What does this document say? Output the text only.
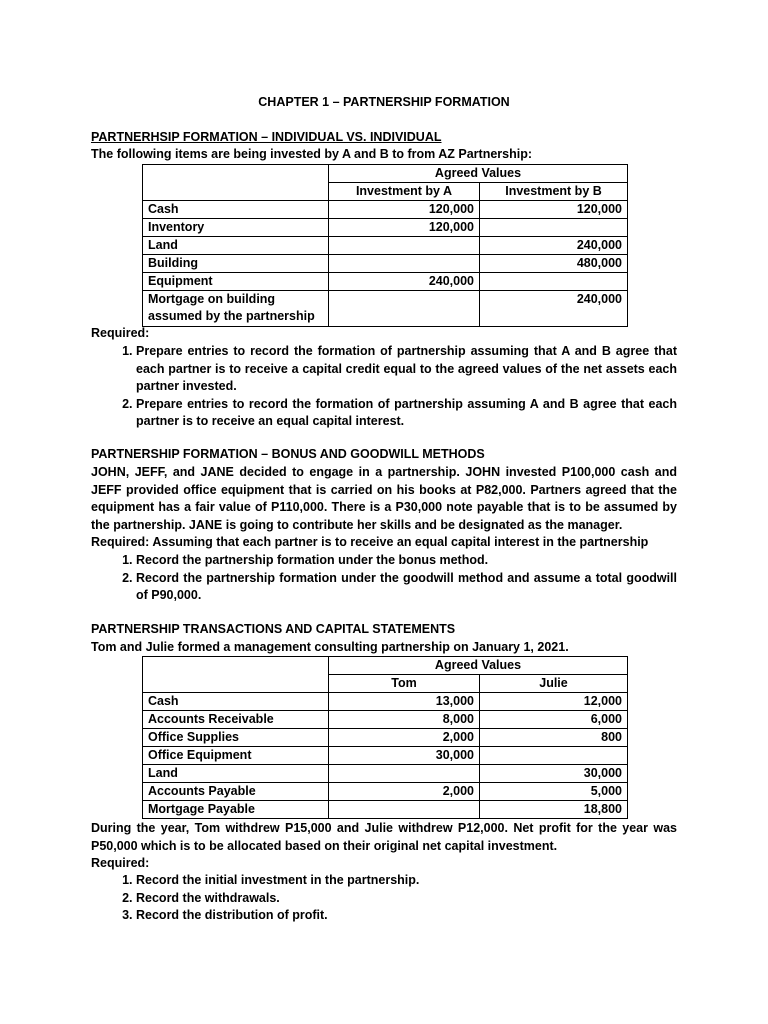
CHAPTER 1 – PARTNERSHIP FORMATION
PARTNERHSIP FORMATION – INDIVIDUAL VS. INDIVIDUAL
The following items are being invested by A and B to from AZ Partnership:
	Agreed Values	
	Investment by A	Investment by B
Cash	120,000	120,000
Inventory	120,000	
Land		240,000
Building		480,000
Equipment	240,000	
Mortgage on building assumed by the partnership		240,000
Required:
1. Prepare entries to record the formation of partnership assuming that A and B agree that each partner is to receive a capital credit equal to the agreed values of the net assets each partner invested.
2. Prepare entries to record the formation of partnership assuming A and B agree that each partner is to receive an equal capital interest.
PARTNERSHIP FORMATION – BONUS AND GOODWILL METHODS
JOHN, JEFF, and JANE decided to engage in a partnership. JOHN invested P100,000 cash and JEFF provided office equipment that is carried on his books at P82,000. Partners agreed that the equipment has a fair value of P110,000. There is a P30,000 note payable that is to be assumed by the partnership. JANE is going to contribute her skills and be designated as the manager.
Required: Assuming that each partner is to receive an equal capital interest in the partnership
1. Record the partnership formation under the bonus method.
2. Record the partnership formation under the goodwill method and assume a total goodwill of P90,000.
PARTNERSHIP TRANSACTIONS AND CAPITAL STATEMENTS
Tom and Julie formed a management consulting partnership on January 1, 2021.
	Agreed Values	
	Tom	Julie
Cash	13,000	12,000
Accounts Receivable	8,000	6,000
Office Supplies	2,000	800
Office Equipment	30,000	
Land		30,000
Accounts Payable	2,000	5,000
Mortgage Payable		18,800
During the year, Tom withdrew P15,000 and Julie withdrew P12,000. Net profit for the year was P50,000 which is to be allocated based on their original net capital investment.
Required:
1. Record the initial investment in the partnership.
2. Record the withdrawals.
3. Record the distribution of profit.
